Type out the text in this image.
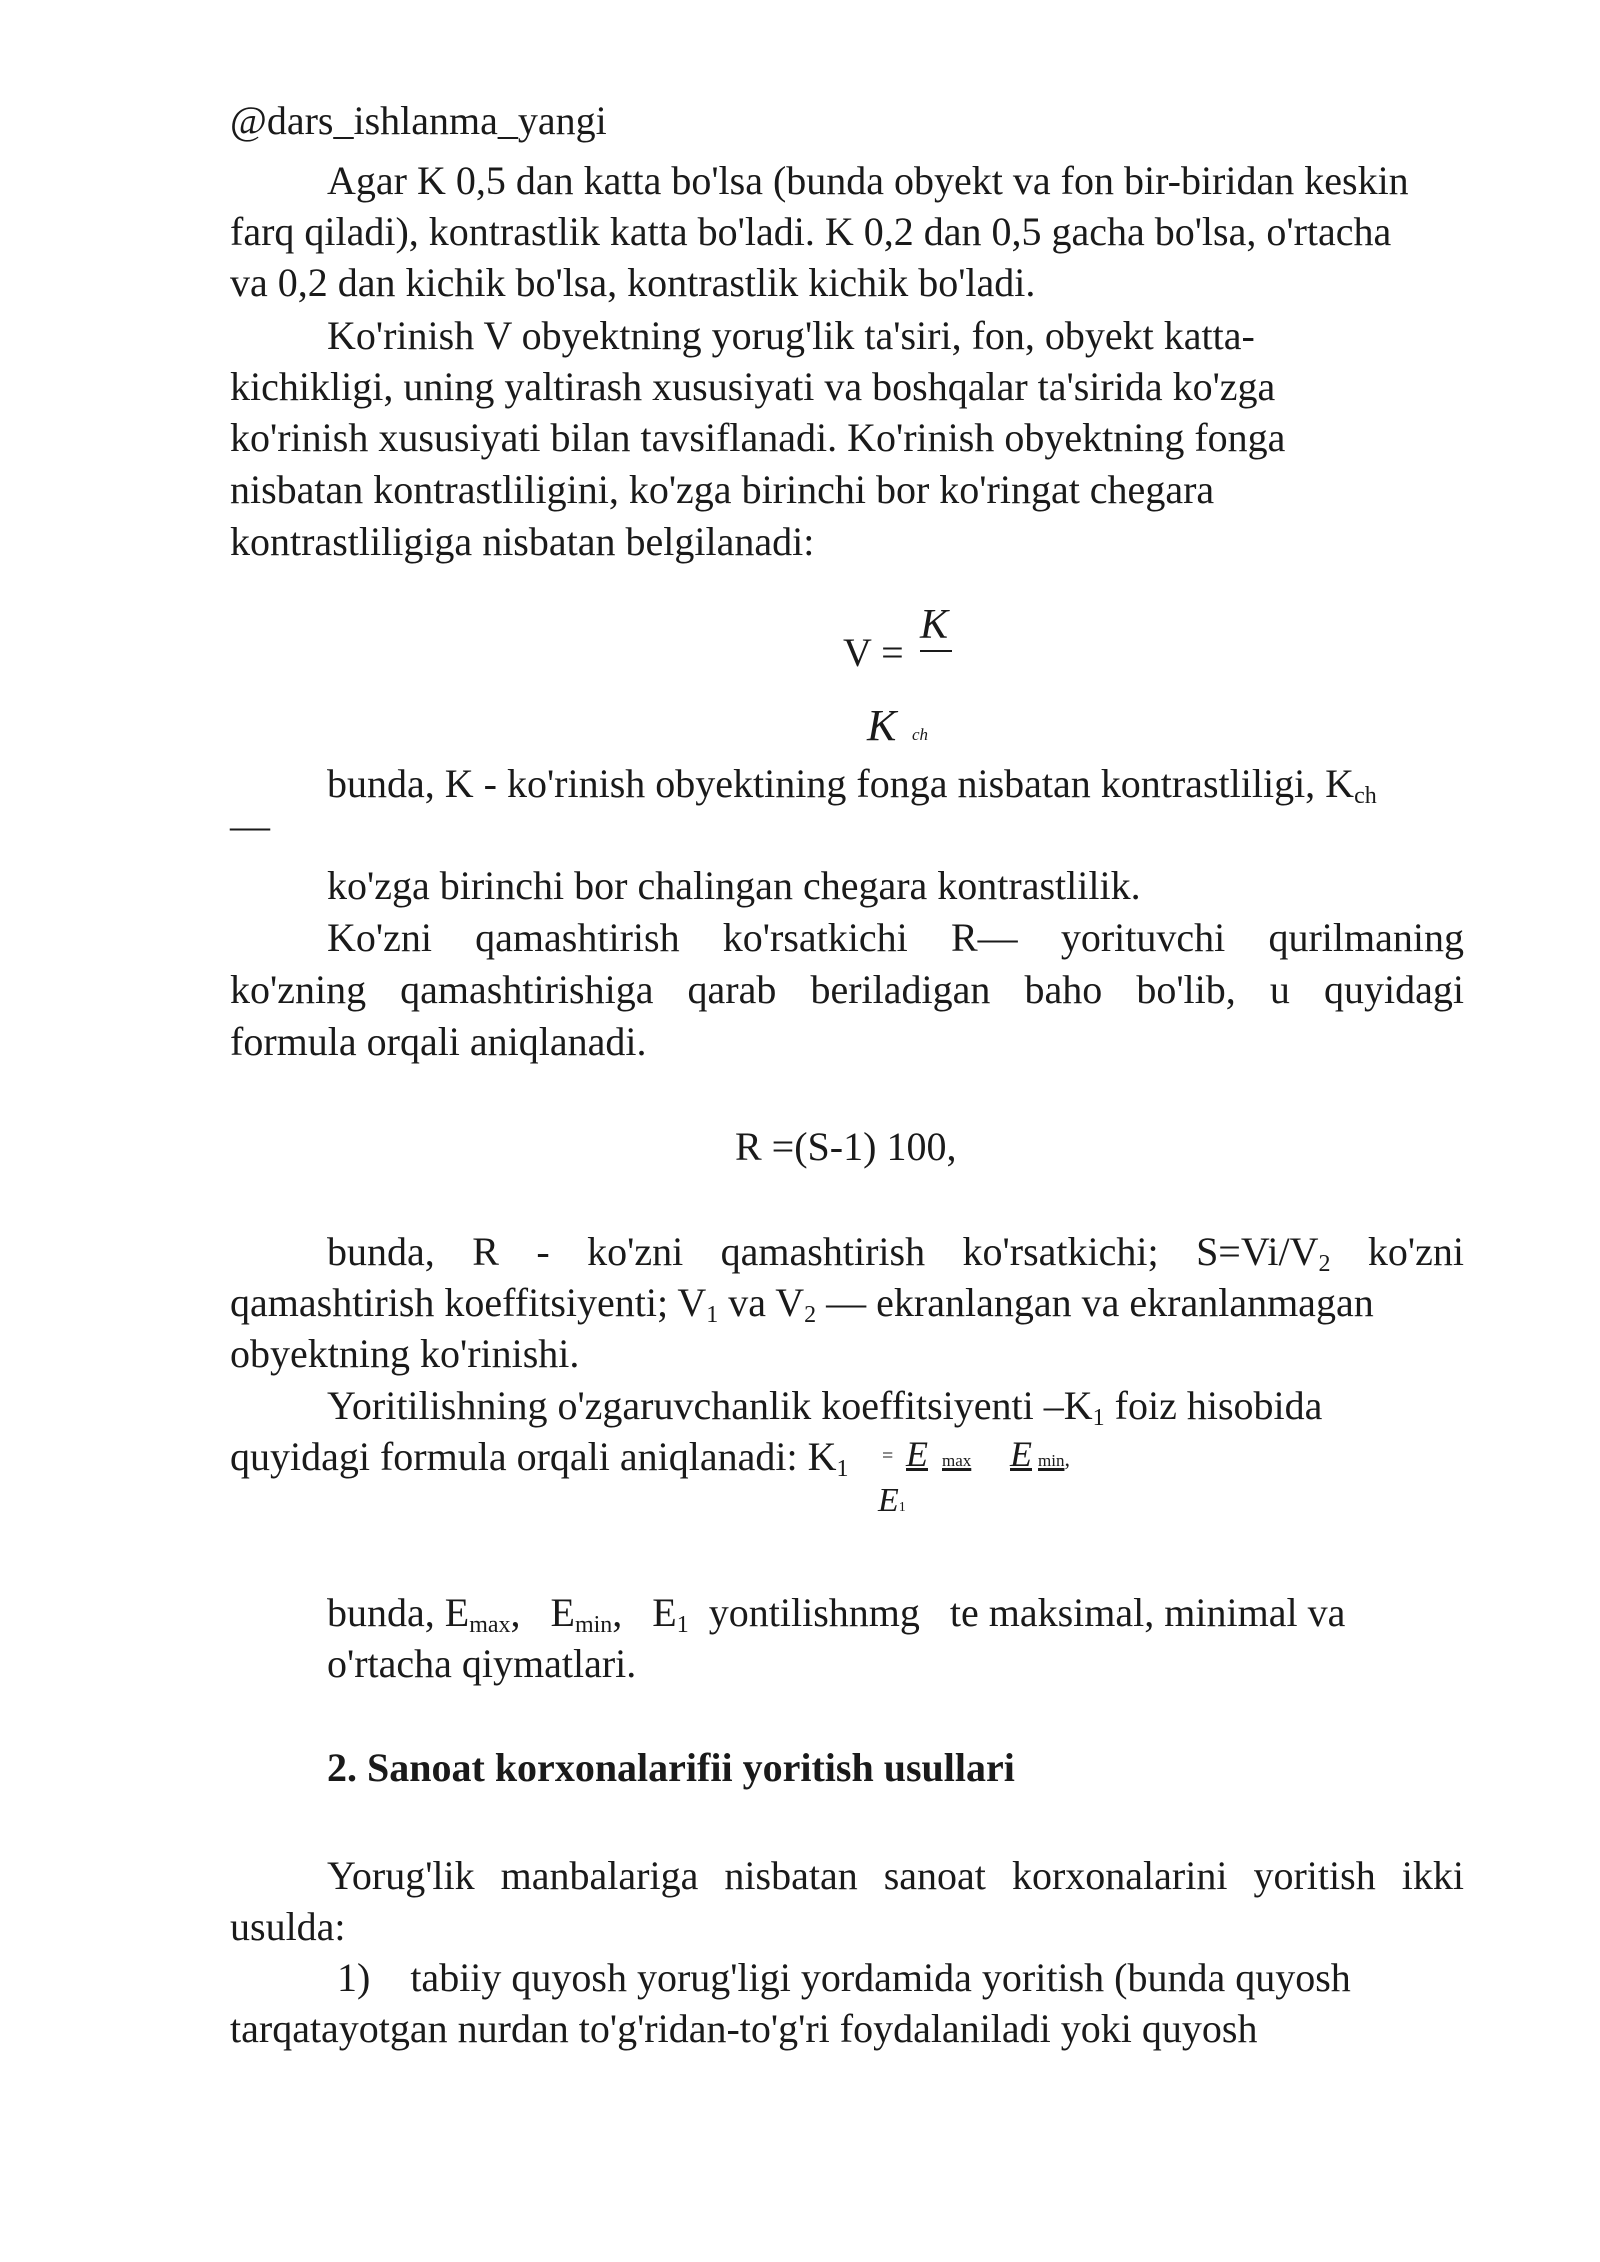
@dars_ishlanma_yangi
Agar K 0,5 dan katta bo'lsa (bunda obyekt va fon bir-biridan keskin
farq qiladi), kontrastlik katta bo'ladi. K 0,2 dan 0,5 gacha bo'lsa, o'rtacha
va 0,2 dan kichik bo'lsa, kontrastlik kichik bo'ladi.
Ko'rinish V obyektning yorug'lik ta'siri, fon, obyekt katta-
kichikligi, uning yaltirash xususiyati va boshqalar ta'sirida ko'zga
ko'rinish xususiyati bilan tavsiflanadi. Ko'rinish obyektning fonga
nisbatan kontrastliligini, ko'zga birinchi bor ko'ringat chegara
kontrastliligiga nisbatan belgilanadi:
V =
K
K ch
bunda, K - ko'rinish obyektining fonga nisbatan kontrastliligi, $K_{ch}$
—
ko'zga birinchi bor chalingan chegara kontrastlilik.
Ko'zni qamashtirish ko'rsatkichi R— yorituvchi qurilmaning
ko'zning qamashtirishiga qarab beriladigan baho bo'lib, u quyidagi
formula orqali aniqlanadi.
R =(S-1) 100,
bunda, R - ko'zni qamashtirish ko'rsatkichi; $S=Vi/V_2$ ko'zni
qamashtirish koeffitsiyenti; $V_1$ va $V_2$ — ekranlangan va ekranlanmagan
obyektning ko'rinishi.
Yoritilishning o'zgaruvchanlik koeffitsiyenti $-K_1$ foiz hisobida
quyidagi formula orqali aniqlanadi: $K_1 = Emax$ Emin,
E1
bunda, $E_{max}$,   $E_{min}$,   $E_1$  yontilishnmg   te maksimal, minimal va
o'rtacha qiymatlari.
2. Sanoat korxonalarifii yoritish usullari
Yorug'lik manbalariga nisbatan sanoat korxonalarini yoritish ikki
usulda:
1)    tabiiy quyosh yorug'ligi yordamida yoritish (bunda quyosh
tarqatayotgan nurdan to'g'ridan-to'g'ri foydalaniladi yoki quyosh
